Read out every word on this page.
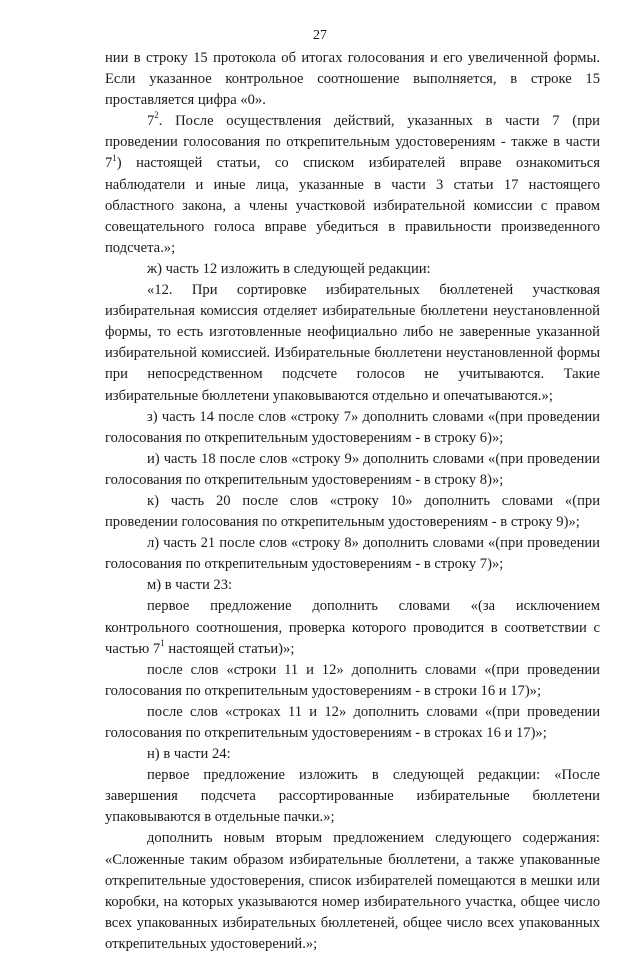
27

нии в строку 15 протокола об итогах голосования и его увеличенной формы. Если указанное контрольное соотношение выполняется, в строке 15 проставляется цифра «0».

$7^2$. После осуществления действий, указанных в части 7 (при проведении голосования по открепительным удостоверениям - также в части $7^1$) настоящей статьи, со списком избирателей вправе ознакомиться наблюдатели и иные лица, указанные в части 3 статьи 17 настоящего областного закона, а члены участковой избирательной комиссии с правом совещательного голоса вправе убедиться в правильности произведенного подсчета.»;

ж) часть 12 изложить в следующей редакции:

«12. При сортировке избирательных бюллетеней участковая избирательная комиссия отделяет избирательные бюллетени неустановленной формы, то есть изготовленные неофициально либо не заверенные указанной избирательной комиссией. Избирательные бюллетени неустановленной формы при непосредственном подсчете голосов не учитываются. Такие избирательные бюллетени упаковываются отдельно и опечатываются.»;

з) часть 14 после слов «строку 7» дополнить словами «(при проведении голосования по открепительным удостоверениям - в строку 6)»;

и) часть 18 после слов «строку 9» дополнить словами «(при проведении голосования по открепительным удостоверениям - в строку 8)»;

к) часть 20 после слов «строку 10» дополнить словами «(при проведении голосования по открепительным удостоверениям - в строку 9)»;

л) часть 21 после слов «строку 8» дополнить словами «(при проведении голосования по открепительным удостоверениям - в строку 7)»;

м) в части 23:

первое предложение дополнить словами «(за исключением контрольного соотношения, проверка которого проводится в соответствии с частью $7^1$ настоящей статьи)»;

после слов «строки 11 и 12» дополнить словами «(при проведении голосования по открепительным удостоверениям - в строки 16 и 17)»;

после слов «строках 11 и 12» дополнить словами «(при проведении голосования по открепительным удостоверениям - в строках 16 и 17)»;

н) в части 24:

первое предложение изложить в следующей редакции: «После завершения подсчета рассортированные избирательные бюллетени упаковываются в отдельные пачки.»;

дополнить новым вторым предложением следующего содержания: «Сложенные таким образом избирательные бюллетени, а также упакованные открепительные удостоверения, список избирателей помещаются в мешки или коробки, на которых указываются номер избирательного участка, общее число всех упакованных избирательных бюллетеней, общее число всех упакованных открепительных удостоверений.»;
